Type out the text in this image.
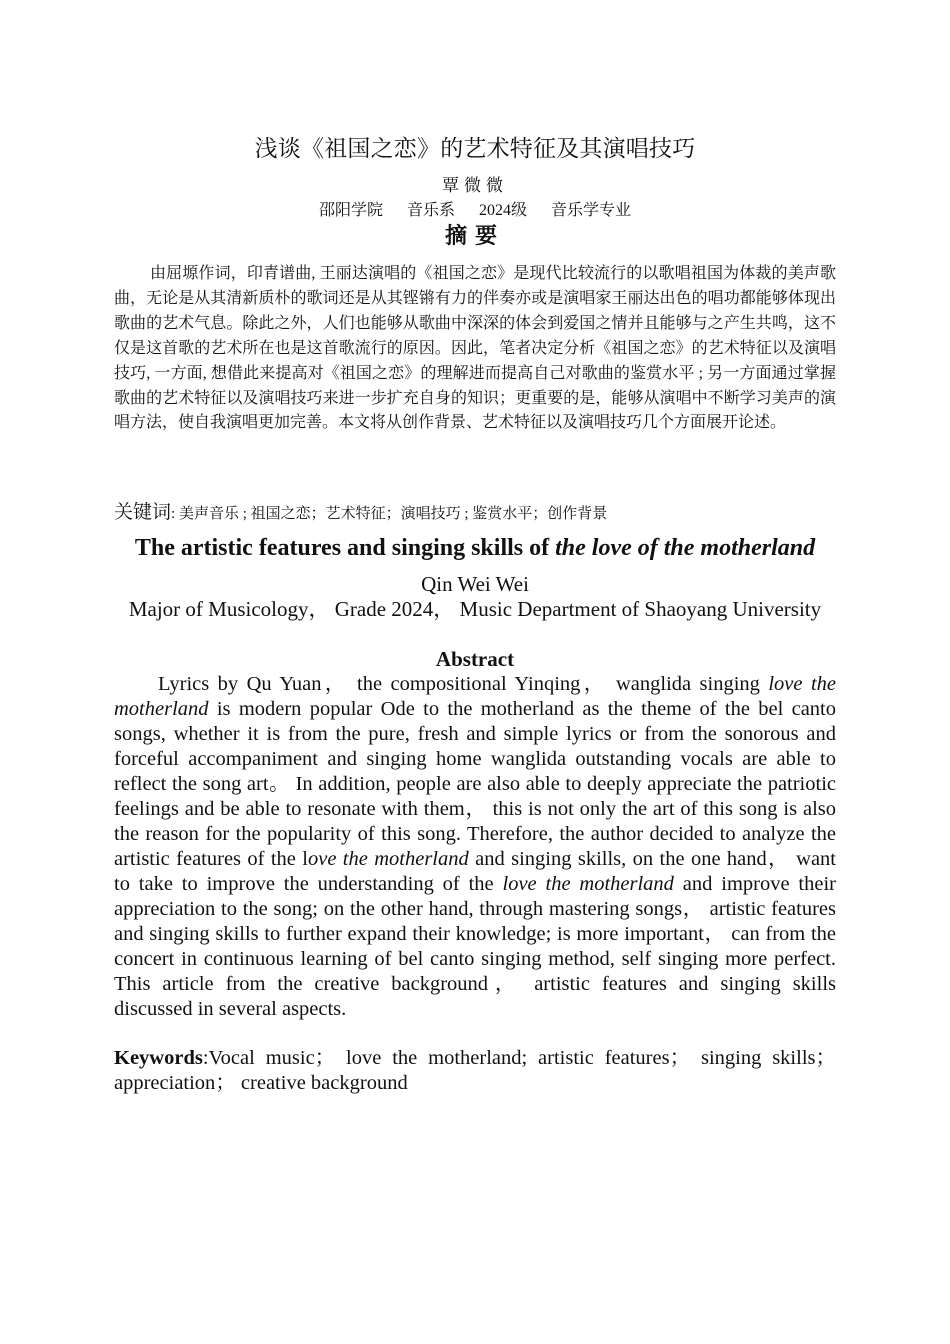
浅谈《祖国之恋》的艺术特征及其演唱技巧
覃微微
邵阳学院 音乐系 2024级 音乐学专业
摘要
由屈塬作词，印青谱曲, 王丽达演唱的《祖国之恋》是现代比较流行的以歌唱祖国为体裁的美声歌曲，无论是从其清新质朴的歌词还是从其铿锵有力的伴奏亦或是演唱家王丽达出色的唱功都能够体现出歌曲的艺术气息。除此之外，人们也能够从歌曲中深深的体会到爱国之情并且能够与之产生共鸣，这不仅是这首歌的艺术所在也是这首歌流行的原因。因此，笔者决定分析《祖国之恋》的艺术特征以及演唱技巧, 一方面, 想借此来提高对《祖国之恋》的理解进而提高自己对歌曲的鉴赏水平 ; 另一方面通过掌握歌曲的艺术特征以及演唱技巧来进一步扩充自身的知识；更重要的是，能够从演唱中不断学习美声的演唱方法，使自我演唱更加完善。本文将从创作背景、艺术特征以及演唱技巧几个方面展开论述。
关键词: 美声音乐 ; 祖国之恋；艺术特征；演唱技巧 ; 鉴赏水平；创作背景
The artistic features and singing skills of the love of the motherland
Qin Wei Wei
Major of Musicology， Grade 2024， Music Department of Shaoyang University
Abstract
Lyrics by Qu Yuan， the compositional Yinqing， wanglida singing love the motherland is modern popular Ode to the motherland as the theme of the bel canto songs, whether it is from the pure, fresh and simple lyrics or from the sonorous and forceful accompaniment and singing home wanglida outstanding vocals are able to reflect the song art。 In addition, people are also able to deeply appreciate the patriotic feelings and be able to resonate with them， this is not only the art of this song is also the reason for the popularity of this song. Therefore, the author decided to analyze the artistic features of the love the motherland and singing skills, on the one hand， want to take to improve the understanding of the love the motherland and improve their appreciation to the song; on the other hand, through mastering songs， artistic features and singing skills to further expand their knowledge; is more important， can from the concert in continuous learning of bel canto singing method, self singing more perfect. This article from the creative background， artistic features and singing skills discussed in several aspects.
Keywords:Vocal music； love the motherland; artistic features； singing skills； appreciation； creative background
